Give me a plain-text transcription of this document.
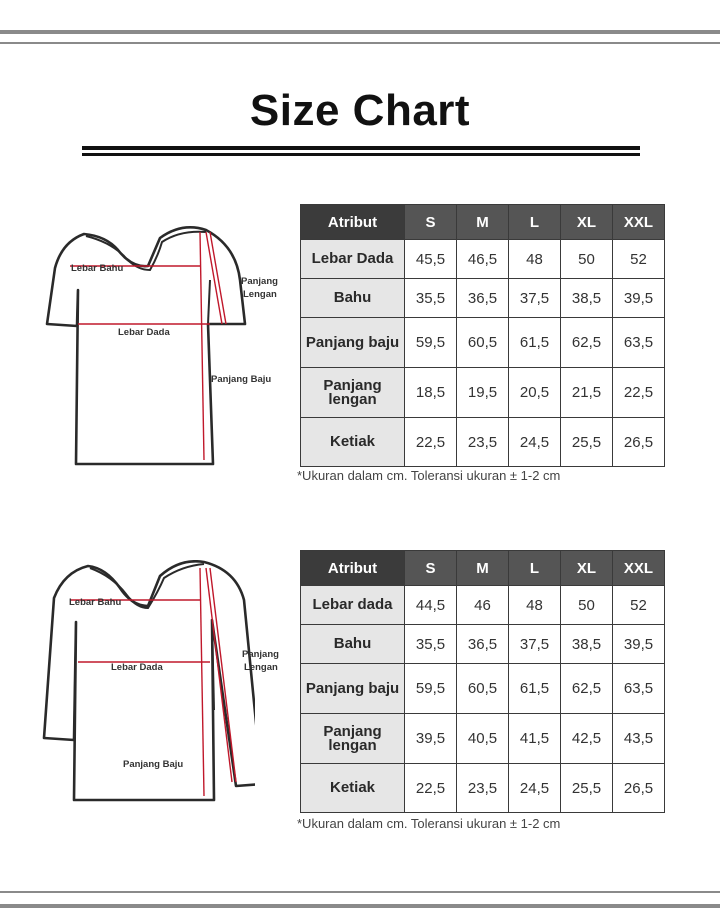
Size Chart
Lebar Bahu
Panjang
Lengan
Lebar Dada
Panjang Baju
Atribut	S	M	L	XL	XXL
Lebar Dada	45,5	46,5	48	50	52
Bahu	35,5	36,5	37,5	38,5	39,5
Panjang baju	59,5	60,5	61,5	62,5	63,5
Panjang lengan	18,5	19,5	20,5	21,5	22,5
Ketiak	22,5	23,5	24,5	25,5	26,5
*Ukuran dalam cm. Toleransi ukuran ± 1-2 cm
Lebar Bahu
Panjang
Lengan
Lebar Dada
Panjang Baju
Atribut	S	M	L	XL	XXL
Lebar dada	44,5	46	48	50	52
Bahu	35,5	36,5	37,5	38,5	39,5
Panjang baju	59,5	60,5	61,5	62,5	63,5
Panjang lengan	39,5	40,5	41,5	42,5	43,5
Ketiak	22,5	23,5	24,5	25,5	26,5
*Ukuran dalam cm. Toleransi ukuran ± 1-2 cm
